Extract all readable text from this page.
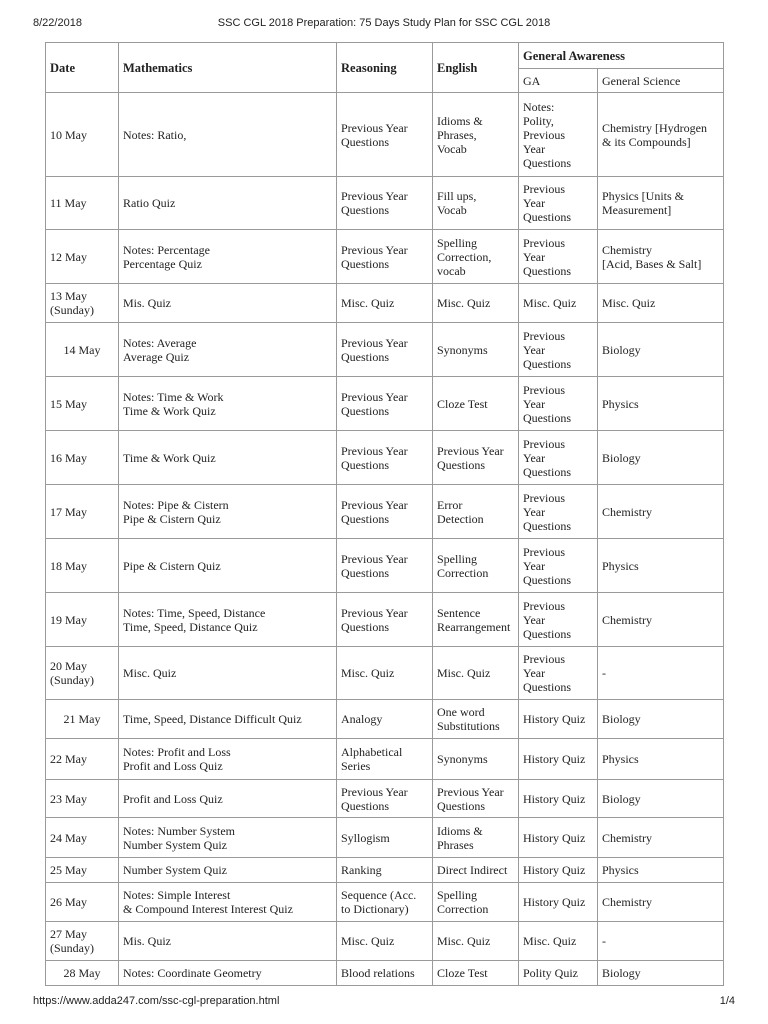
8/22/2018	SSC CGL 2018 Preparation: 75 Days Study Plan for SSC CGL 2018
Date	Mathematics	Reasoning	English	General Awareness	
				GA	General Science

10 May	Notes: Ratio,	Previous Year
Questions	Idioms &
Phrases,
Vocab	Notes:
Polity,
Previous
Year
Questions	Chemistry [Hydrogen
& its Compounds]

11 May	Ratio Quiz	Previous Year
Questions	Fill ups,
Vocab	Previous
Year
Questions	Physics [Units &
Measurement]

12 May	Notes: Percentage
Percentage Quiz	Previous Year
Questions	Spelling
Correction,
vocab	Previous
Year
Questions	Chemistry
[Acid, Bases & Salt]

13 May
(Sunday)	Mis. Quiz	Misc. Quiz	Misc. Quiz	Misc. Quiz	Misc. Quiz

14 May	Notes: Average
Average Quiz	Previous Year
Questions	Synonyms	Previous
Year
Questions	Biology

15 May	Notes: Time & Work
Time & Work Quiz	Previous Year
Questions	Cloze Test	Previous
Year
Questions	Physics

16 May	Time & Work Quiz	Previous Year
Questions	Previous Year
Questions	Previous
Year
Questions	Biology

17 May	Notes: Pipe & Cistern
Pipe & Cistern Quiz	Previous Year
Questions	Error
Detection	Previous
Year
Questions	Chemistry

18 May	Pipe & Cistern Quiz	Previous Year
Questions	Spelling
Correction	Previous
Year
Questions	Physics

19 May	Notes: Time, Speed, Distance
Time, Speed, Distance Quiz	Previous Year
Questions	Sentence
Rearrangement	Previous
Year
Questions	Chemistry

20 May
(Sunday)	Misc. Quiz	Misc. Quiz	Misc. Quiz	Previous
Year
Questions	-

21 May	Time, Speed, Distance Difficult Quiz	Analogy	One word
Substitutions	History Quiz	Biology

22 May	Notes: Profit and Loss
Profit and Loss Quiz	Alphabetical
Series	Synonyms	History Quiz	Physics

23 May	Profit and Loss Quiz	Previous Year
Questions	Previous Year
Questions	History Quiz	Biology

24 May	Notes: Number System
Number System Quiz	Syllogism	Idioms &
Phrases	History Quiz	Chemistry

25 May	Number System Quiz	Ranking	Direct Indirect	History Quiz	Physics

26 May	Notes: Simple Interest
& Compound Interest Interest Quiz	Sequence (Acc.
to Dictionary)	Spelling
Correction	History Quiz	Chemistry

27 May
(Sunday)	Mis. Quiz	Misc. Quiz	Misc. Quiz	Misc. Quiz	-

28 May	Notes: Coordinate Geometry	Blood relations	Cloze Test	Polity Quiz	Biology
https://www.adda247.com/ssc-cgl-preparation.html	1/4
